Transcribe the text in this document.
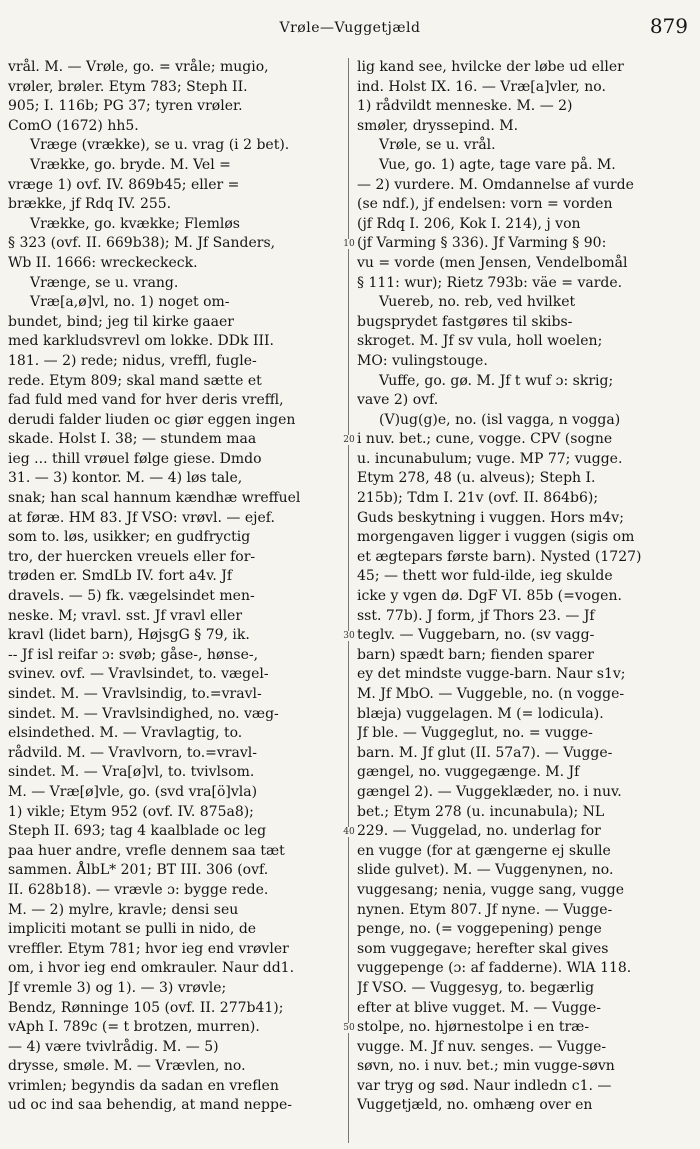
Vrøle—Vuggetjæld	879
vrål. M. — Vrøle, go. = vråle; mugio,
vrøler, brøler. Etym 783; Steph II.
905; I. 116b; PG 37; tyren vrøler.
ComO (1672) hh5.
Vræge (vrække), se u. vrag (i 2 bet).
Vrække, go. bryde. M. Vel =
vræge 1) ovf. IV. 869b45; eller =
brække, jf Rdq IV. 255.
Vrække, go. kvække; Flemløs
§ 323 (ovf. II. 669b38); M. Jf Sanders,
Wb II. 1666: wreckeckeck.
Vrænge, se u. vrang.
Vræ[a,ø]vl, no. 1) noget om-
bundet, bind; jeg til kirke gaaer
med karkludsvrevl om lokke. DDk III.
181. — 2) rede; nidus, vreffl, fugle-
rede. Etym 809; skal mand sætte et
fad fuld med vand for hver deris vreffl,
derudi falder liuden oc giør eggen ingen
skade. Holst I. 38; — stundem maa
ieg ... thill vrøuel følge giese. Dmdo
31. — 3) kontor. M. — 4) løs tale,
snak; han scal hannum kændhæ wreffuel
at føræ. HM 83. Jf VSO: vrøvl. — ejef.
som to. løs, usikker; en gudfryctig
tro, der huercken vreuels eller for-
trøden er. SmdLb IV. fort a4v. Jf
dravels. — 5) fk. vægelsindet men-
neske. M; vravl. sst. Jf vravl eller
kravl (lidet barn), HøjsgG § 79, ik.
-- Jf isl reifar ɔ: svøb; gåse-, hønse-,
svinev. ovf. — Vravlsindet, to. vægel-
sindet. M. — Vravlsindig, to.=vravl-
sindet. M. — Vravlsindighed, no. væg-
elsindethed. M. — Vravlagtig, to.
rådvild. M. — Vravlvorn, to.=vravl-
sindet. M. — Vra[ø]vl, to. tvivlsom.
M. — Vræ[ø]vle, go. (svd vra[ö]vla)
1) vikle; Etym 952 (ovf. IV. 875a8);
Steph II. 693; tag 4 kaalblade oc leg
paa huer andre, vrefle dennem saa tæt
sammen. ÅlbL* 201; BT III. 306 (ovf.
II. 628b18). — vrævle ɔ: bygge rede.
M. — 2) mylre, kravle; densi seu
impliciti motant se pulli in nido, de
vreffler. Etym 781; hvor ieg end vrøvler
om, i hvor ieg end omkrauler. Naur dd1.
Jf vremle 3) og 1). — 3) vrøvle;
Bendz, Rønninge 105 (ovf. II. 277b41);
vAph I. 789c (= t brotzen, murren).
— 4) være tvivlrådig. M. — 5)
drysse, smøle. M. — Vrævlen, no.
vrimlen; begyndis da sadan en vreflen
ud oc ind saa behendig, at mand neppe-
lig kand see, hvilcke der løbe ud eller
ind. Holst IX. 16. — Vræ[a]vler, no.
1) rådvildt menneske. M. — 2)
smøler, dryssepind. M.
Vrøle, se u. vrål.
Vue, go. 1) agte, tage vare på. M.
— 2) vurdere. M. Omdannelse af vurde
(se ndf.), jf endelsen: vorn = vorden
(jf Rdq I. 206, Kok I. 214), j von
(jf Varming § 336). Jf Varming § 90:
vu = vorde (men Jensen, Vendelbomål
§ 111: wur); Rietz 793b: väe = varde.
Vuereb, no. reb, ved hvilket
bugsprydet fastgøres til skibs-
skroget. M. Jf sv vula, holl woelen;
MO: vulingstouge.
Vuffe, go. gø. M. Jf t wuf ɔ: skrig;
vave 2) ovf.
(V)ug(g)e, no. (isl vagga, n vogga)
i nuv. bet.; cune, vogge. CPV (sogne
u. incunabulum; vuge. MP 77; vugge.
Etym 278, 48 (u. alveus); Steph I.
215b); Tdm I. 21v (ovf. II. 864b6);
Guds beskytning i vuggen. Hors m4v;
morgengaven ligger i vuggen (sigis om
et ægtepars første barn). Nysted (1727)
45; — thett wor fuld-ilde, ieg skulde
icke y vgen dø. DgF VI. 85b (=vogen.
sst. 77b). J form, jf Thors 23. — Jf
teglv. — Vuggebarn, no. (sv vagg-
barn) spædt barn; fienden sparer
ey det mindste vugge-barn. Naur s1v;
M. Jf MbO. — Vuggeble, no. (n vogge-
blæja) vuggelagen. M (= lodicula).
Jf ble. — Vuggeglut, no. = vugge-
barn. M. Jf glut (II. 57a7). — Vugge-
gængel, no. vuggegænge. M. Jf
gængel 2). — Vuggeklæder, no. i nuv.
bet.; Etym 278 (u. incunabula); NL
229. — Vuggelad, no. underlag for
en vugge (for at gængerne ej skulle
slide gulvet). M. — Vuggenynen, no.
vuggesang; nenia, vugge sang, vugge
nynen. Etym 807. Jf nyne. — Vugge-
penge, no. (= voggepening) penge
som vuggegave; herefter skal gives
vuggepenge (ɔ: af fadderne). WlA 118.
Jf VSO. — Vuggesyg, to. begærlig
efter at blive vugget. M. — Vugge-
stolpe, no. hjørnestolpe i en træ-
vugge. M. Jf nuv. senges. — Vugge-
søvn, no. i nuv. bet.; min vugge-søvn
var tryg og sød. Naur indledn c1. —
Vuggetjæld, no. omhæng over en
10
20
30
40
50
